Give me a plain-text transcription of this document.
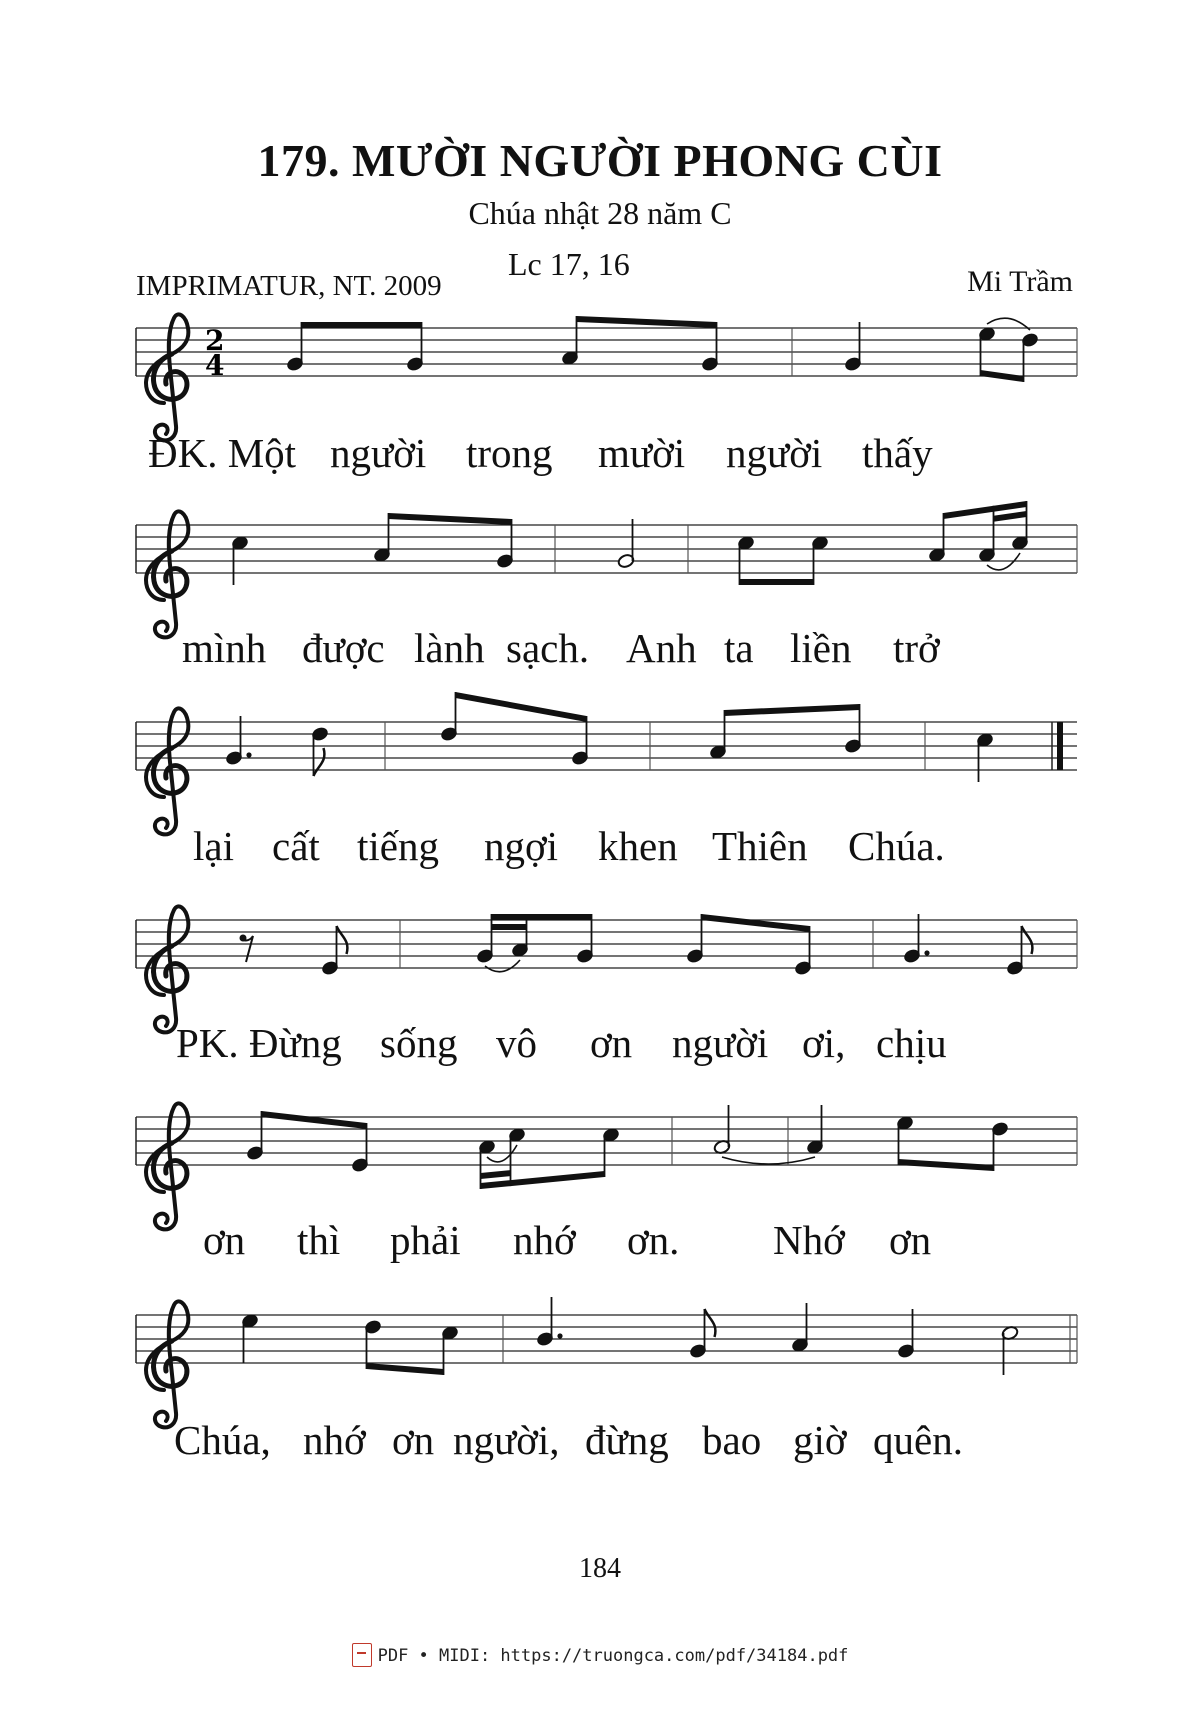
179. MƯỜI NGƯỜI PHONG CÙI
Chúa nhật 28 năm C
Lc 17, 16
IMPRIMATUR, NT. 2009	Mi Trầm
2
4
ĐK. Một người trong mười người thấy
mình được lành sạch. Anh ta liền trở
lại cất tiếng ngợi khen Thiên Chúa.
PK. Đừng sống vô ơn người ơi, chịu
ơn thì phải nhớ ơn. Nhớ ơn
Chúa, nhớ ơn người, đừng bao giờ quên.
184
PDF • MIDI: https://truongca.com/pdf/34184.pdf
